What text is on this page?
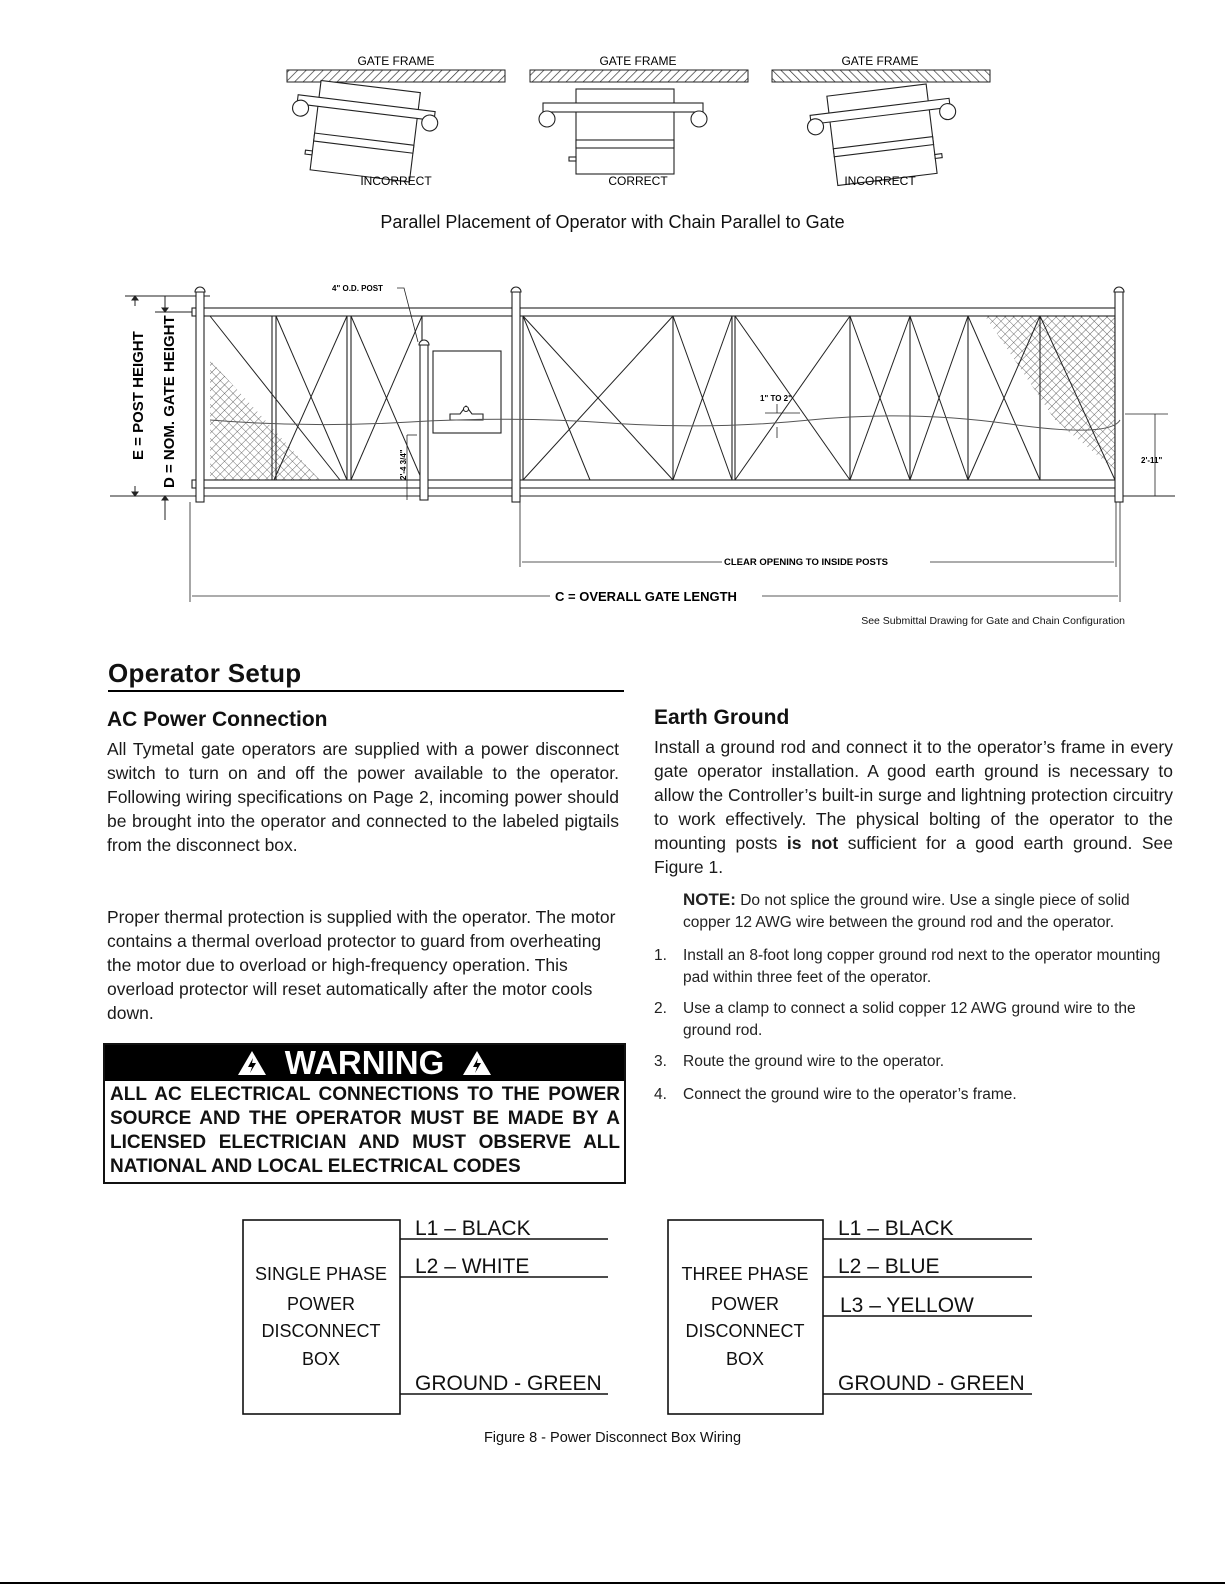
GATE FRAME
INCORRECT
GATE FRAME
CORRECT
GATE FRAME
INCORRECT
Parallel Placement of Operator with Chain Parallel to Gate
E = POST HEIGHT D = NOM. GATE HEIGHT
4" O.D. POST
2'-4 3/4"
1" TO 2"
2'-11"
CLEAR OPENING TO INSIDE POSTS
C = OVERALL GATE LENGTH
See Submittal Drawing for Gate and Chain Configuration
Operator Setup
AC Power Connection
All Tymetal gate operators are supplied with a power disconnect switch to turn on and off the power available to the operator. Following wiring specifications on Page 2, incoming power should be brought into the operator and connected to the labeled pigtails from the disconnect box.
Proper thermal protection is supplied with the operator. The motor contains a thermal overload protector to guard from overheating the motor due to overload or high-frequency operation. This overload protector will reset automatically after the motor cools down.
WARNING
ALL AC ELECTRICAL CONNECTIONS TO THE POWER SOURCE AND THE OPERATOR MUST BE MADE BY A LICENSED ELECTRICIAN AND MUST OBSERVE ALL NATIONAL AND LOCAL ELECTRICAL CODES
Earth Ground
Install a ground rod and connect it to the operator’s frame in every gate operator installation. A good earth ground is necessary to allow the Controller’s built-in surge and lightning protection circuitry to work effectively. The physical bolting of the operator to the mounting posts is not sufficient for a good earth ground. See Figure 1.
NOTE: Do not splice the ground wire. Use a single piece of solid copper 12 AWG wire between the ground rod and the operator.
1. Install an 8-foot long copper ground rod next to the operator mounting pad within three feet of the operator.
2. Use a clamp to connect a solid copper 12 AWG ground wire to the ground rod.
3. Route the ground wire to the operator.
4. Connect the ground wire to the operator’s frame.
SINGLE PHASE
POWER
DISCONNECT
BOX
L1 – BLACK
L2 – WHITE
GROUND - GREEN
THREE PHASE
POWER
DISCONNECT
BOX
L1 – BLACK
L2 – BLUE
L3 – YELLOW
GROUND - GREEN
Figure 8 - Power Disconnect Box Wiring
